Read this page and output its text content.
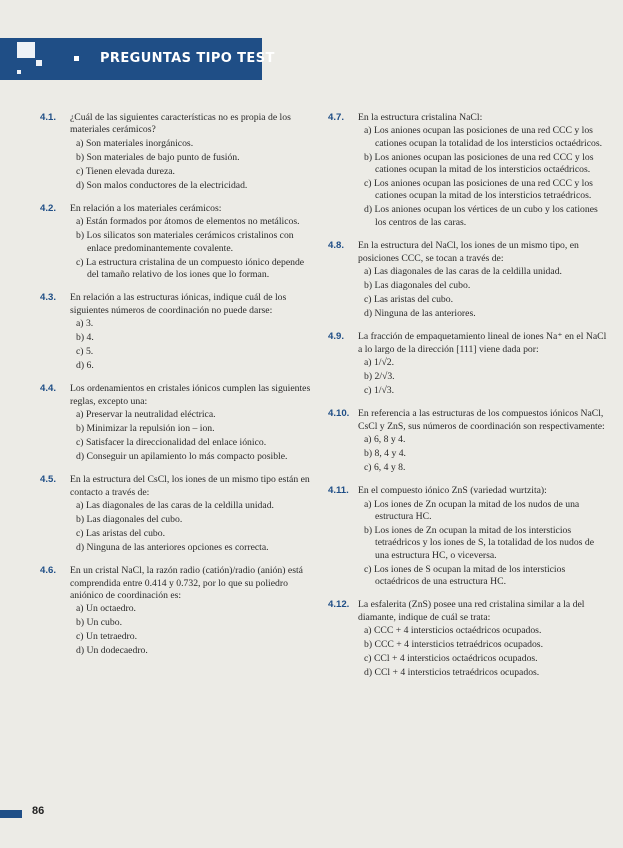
PREGUNTAS TIPO TEST
4.1. ¿Cuál de las siguientes características no es propia de los materiales cerámicos?
a) Son materiales inorgánicos.
b) Son materiales de bajo punto de fusión.
c) Tienen elevada dureza.
d) Son malos conductores de la electricidad.
4.2. En relación a los materiales cerámicos:
a) Están formados por átomos de elementos no metálicos.
b) Los silicatos son materiales cerámicos cristalinos con enlace predominantemente covalente.
c) La estructura cristalina de un compuesto iónico depende del tamaño relativo de los iones que lo forman.
4.3. En relación a las estructuras iónicas, indique cuál de los siguientes números de coordinación no puede darse:
a) 3.
b) 4.
c) 5.
d) 6.
4.4. Los ordenamientos en cristales iónicos cumplen las siguientes reglas, excepto una:
a) Preservar la neutralidad eléctrica.
b) Minimizar la repulsión ion – ion.
c) Satisfacer la direccionalidad del enlace iónico.
d) Conseguir un apilamiento lo más compacto posible.
4.5. En la estructura del CsCl, los iones de un mismo tipo están en contacto a través de:
a) Las diagonales de las caras de la celdilla unidad.
b) Las diagonales del cubo.
c) Las aristas del cubo.
d) Ninguna de las anteriores opciones es correcta.
4.6. En un cristal NaCl, la razón radio (catión)/radio (anión) está comprendida entre 0.414 y 0.732, por lo que su poliedro aniónico de coordinación es:
a) Un octaedro.
b) Un cubo.
c) Un tetraedro.
d) Un dodecaedro.
4.7. En la estructura cristalina NaCl:
a) Los aniones ocupan las posiciones de una red CCC y los cationes ocupan la totalidad de los intersticios octaédricos.
b) Los aniones ocupan las posiciones de una red CCC y los cationes ocupan la mitad de los intersticios octaédricos.
c) Los aniones ocupan las posiciones de una red CCC y los cationes ocupan la mitad de los intersticios tetraédricos.
d) Los aniones ocupan los vértices de un cubo y los cationes los centros de las caras.
4.8. En la estructura del NaCl, los iones de un mismo tipo, en posiciones CCC, se tocan a través de:
a) Las diagonales de las caras de la celdilla unidad.
b) Las diagonales del cubo.
c) Las aristas del cubo.
d) Ninguna de las anteriores.
4.9. La fracción de empaquetamiento lineal de iones Na⁺ en el NaCl a lo largo de la dirección [111] viene dada por:
a) 1/√2.
b) 2/√3.
c) 1/√3.
4.10. En referencia a las estructuras de los compuestos iónicos NaCl, CsCl y ZnS, sus números de coordinación son respectivamente:
a) 6, 8 y 4.
b) 8, 4 y 4.
c) 6, 4 y 8.
4.11. En el compuesto iónico ZnS (variedad wurtzita):
a) Los iones de Zn ocupan la mitad de los nudos de una estructura HC.
b) Los iones de Zn ocupan la mitad de los intersticios tetraédricos y los iones de S, la totalidad de los nudos de una estructura HC, o viceversa.
c) Los iones de S ocupan la mitad de los intersticios octaédricos de una estructura HC.
4.12. La esfalerita (ZnS) posee una red cristalina similar a la del diamante, indique de cuál se trata:
a) CCC + 4 intersticios octaédricos ocupados.
b) CCC + 4 intersticios tetraédricos ocupados.
c) CCl + 4 intersticios octaédricos ocupados.
d) CCl + 4 intersticios tetraédricos ocupados.
86
